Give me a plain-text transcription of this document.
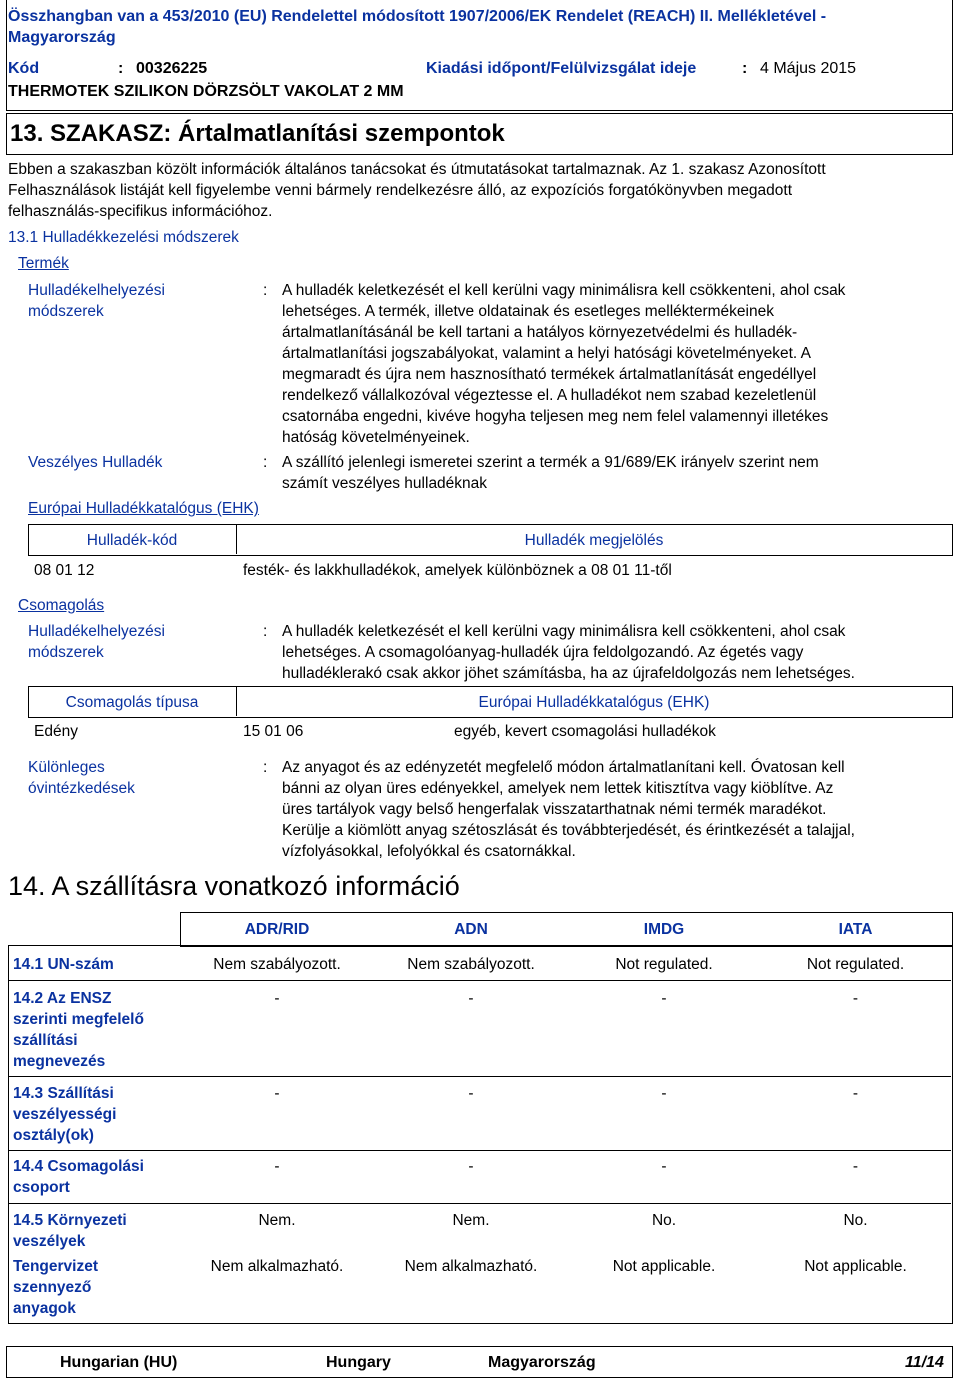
Összhangban van a 453/2010 (EU) Rendelettel módosított 1907/2006/EK Rendelet (REACH) II. Mellékletével -
Magyarország
Kód	: 00326225	Kiadási időpont/Felülvizsgálat ideje	: 4 Május 2015
THERMOTEK SZILIKON DÖRZSÖLT VAKOLAT 2 MM
13. SZAKASZ: Ártalmatlanítási szempontok
Ebben a szakaszban közölt információk általános tanácsokat és útmutatásokat tartalmaznak. Az 1. szakasz Azonosított
Felhasználások listáját kell figyelembe venni bármely rendelkezésre álló, az expozíciós forgatókönyvben megadott
felhasználás-specifikus információhoz.
13.1 Hulladékkezelési módszerek
Termék
Hulladékelhelyezési
módszerek
: A hulladék keletkezését el kell kerülni vagy minimálisra kell csökkenteni, ahol csak
lehetséges. A termék, illetve oldatainak és esetleges melléktermékeinek
ártalmatlanításánál be kell tartani a hatályos környezetvédelmi és hulladék-
ártalmatlanítási jogszabályokat, valamint a helyi hatósági követelményeket. A
megmaradt és újra nem hasznosítható termékek ártalmatlanítását engedéllyel
rendelkező vállalkozóval végeztesse el. A hulladékot nem szabad kezeletlenül
csatornába engedni, kivéve hogyha teljesen meg nem felel valamennyi illetékes
hatóság követelményeinek.
Veszélyes Hulladék	: A szállító jelenlegi ismeretei szerint a termék a 91/689/EK irányelv szerint nem
számít veszélyes hulladéknak
Európai Hulladékkatalógus (EHK)
Hulladék-kód	Hulladék megjelölés
08 01 12	festék- és lakkhulladékok, amelyek különböznek a 08 01 11-től
Csomagolás
Hulladékelhelyezési
módszerek
: A hulladék keletkezését el kell kerülni vagy minimálisra kell csökkenteni, ahol csak
lehetséges. A csomagolóanyag-hulladék újra feldolgozandó. Az égetés vagy
hulladéklerakó csak akkor jöhet számításba, ha az újrafeldolgozás nem lehetséges.
Csomagolás típusa	Európai Hulladékkatalógus (EHK)
Edény	15 01 06	egyéb, kevert csomagolási hulladékok
Különleges
óvintézkedések
: Az anyagot és az edényzetét megfelelő módon ártalmatlanítani kell. Óvatosan kell
bánni az olyan üres edényekkel, amelyek nem lettek kitisztítva vagy kiöblítve. Az
üres tartályok vagy belső hengerfalak visszatarthatnak némi termék maradékot.
Kerülje a kiömlött anyag szétoszlását és továbbterjedését, és érintkezését a talajjal,
vízfolyásokkal, lefolyókkal és csatornákkal.
14. A szállításra vonatkozó információ
ADR/RID	ADN	IMDG	IATA
14.1 UN-szám	Nem szabályozott.	Nem szabályozott.	Not regulated.	Not regulated.
14.2 Az ENSZ
szerinti megfelelő
szállítási
megnevezés
-	-	-	-
14.3 Szállítási
veszélyességi
osztály(ok)
-	-	-	-
14.4 Csomagolási
csoport
-	-	-	-
14.5 Környezeti
veszélyek
Nem.	Nem.	No.	No.
Tengervizet
szennyező
anyagok
Nem alkalmazható.	Nem alkalmazható.	Not applicable.	Not applicable.
Hungarian (HU)	Hungary	Magyarország	11/14
